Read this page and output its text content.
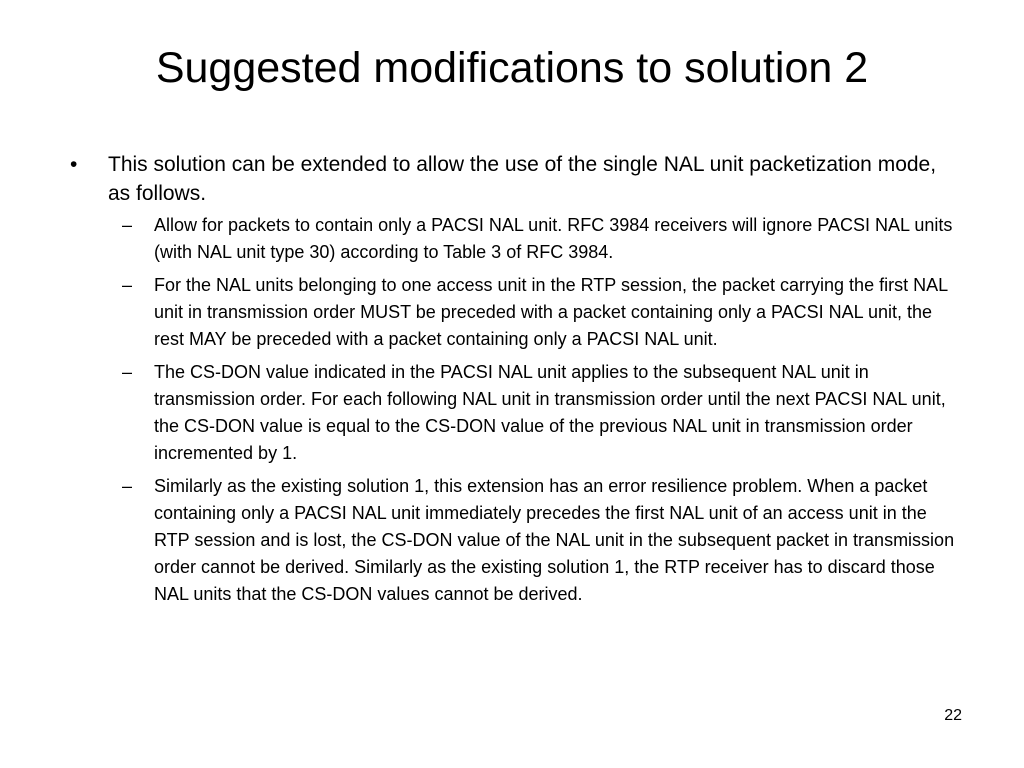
Suggested modifications to solution 2
• This solution can be extended to allow the use of the single NAL unit packetization mode, as follows.
– Allow for packets to contain only a PACSI NAL unit. RFC 3984 receivers will ignore PACSI NAL units (with NAL unit type 30) according to Table 3 of RFC 3984.
– For the NAL units belonging to one access unit in the RTP session, the packet carrying the first NAL unit in transmission order MUST be preceded with a packet containing only a PACSI NAL unit, the rest MAY be preceded with a packet containing only a PACSI NAL unit.
– The CS-DON value indicated in the PACSI NAL unit applies to the subsequent NAL unit in transmission order. For each following NAL unit in transmission order until the next PACSI NAL unit, the CS-DON value is equal to the CS-DON value of the previous NAL unit in transmission order incremented by 1.
– Similarly as the existing solution 1, this extension has an error resilience problem. When a packet containing only a PACSI NAL unit immediately precedes the first NAL unit of an access unit in the RTP session and is lost, the CS-DON value of the NAL unit in the subsequent packet in transmission order cannot be derived. Similarly as the existing solution 1, the RTP receiver has to discard those NAL units that the CS-DON values cannot be derived.
22
